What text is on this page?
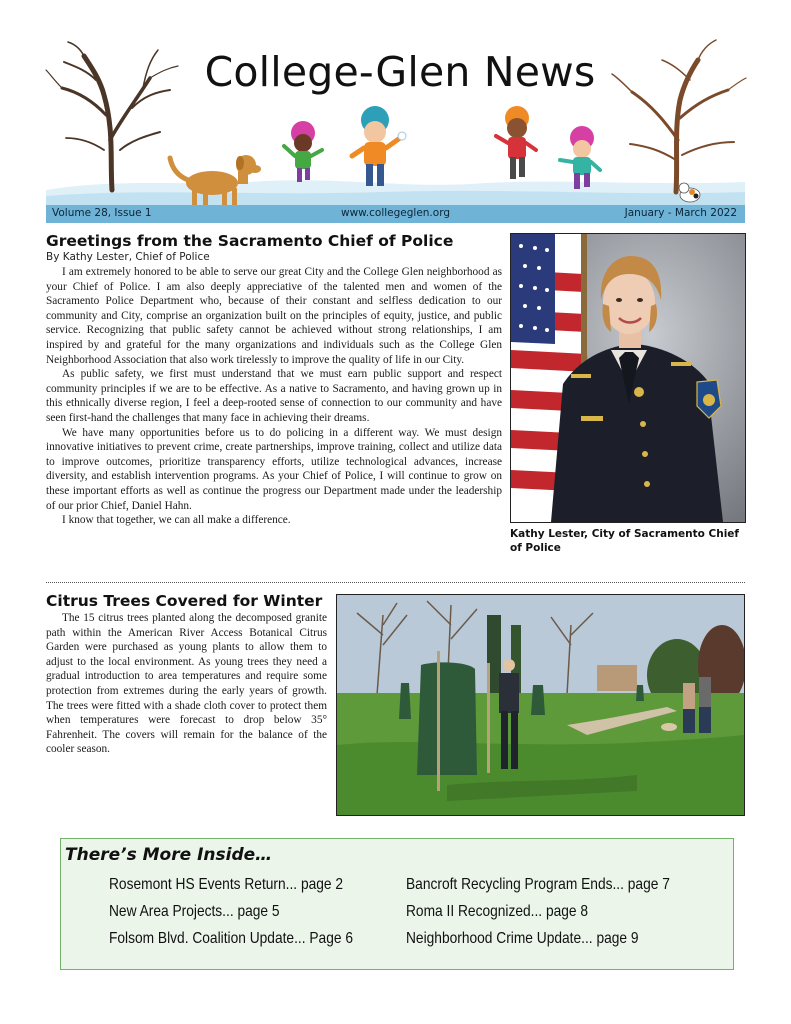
College-Glen News
Volume 28, Issue 1	www.collegeglen.org	January - March 2022
Greetings from the Sacramento Chief of Police
By Kathy Lester, Chief of Police

I am extremely honored to be able to serve our great City and the College Glen neighborhood as your Chief of Police. I am also deeply appreciative of the talented men and women of the Sacramento Police Department who, because of their constant and selfless dedication to our community and City, comprise an organization built on the principles of equity, justice, and public service. Recognizing that public safety cannot be achieved without strong relationships, I am inspired by and grateful for the many organizations and individuals such as the College Glen Neighborhood Association that also work tirelessly to improve the quality of life in our City.

As public safety, we first must understand that we must earn public support and respect community principles if we are to be effective. As a native to Sacramento, and having grown up in this ethnically diverse region, I feel a deep-rooted sense of connection to our community and have seen first-hand the challenges that many face in achieving their dreams.

We have many opportunities before us to do policing in a different way. We must design innovative initiatives to prevent crime, create partnerships, improve training, collect and utilize data to improve outcomes, prioritize transparency efforts, utilize technological advances, increase diversity, and establish intervention programs. As your Chief of Police, I will continue to grow on these important efforts as well as continue the progress our Department made under the leadership of our prior Chief, Daniel Hahn.

I know that together, we can all make a difference.

Kathy Lester, City of Sacramento Chief of Police
Citrus Trees Covered for Winter

The 15 citrus trees planted along the decomposed granite path within the American River Access Botanical Citrus Garden were purchased as young plants to allow them to adjust to the local environment. As young trees they need a gradual introduction to area temperatures and require some protection from extremes during the early years of growth. The trees were fitted with a shade cloth cover to protect them when temperatures were forecast to drop below 35° Fahrenheit. The covers will remain for the balance of the cooler season.

There’s More Inside…
Rosemont HS Events Return... page 2
New Area Projects... page 5
Folsom Blvd. Coalition Update... Page 6
Bancroft Recycling Program Ends... page 7
Roma II Recognized... page 8
Neighborhood Crime Update... page 9
